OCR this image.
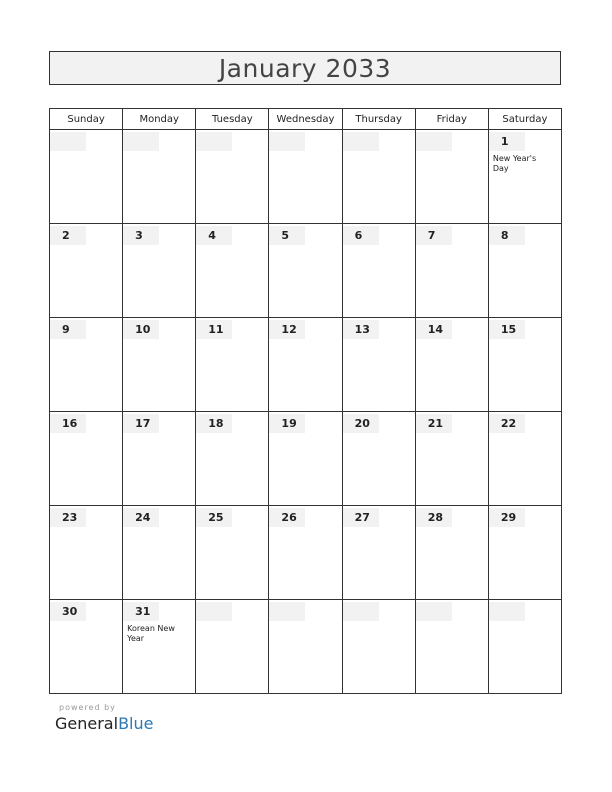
January 2033
Sunday	Monday	Tuesday	Wednesday	Thursday	Friday	Saturday

						1
New Year's Day

2	3	4	5	6	7	8

9	10	11	12	13	14	15

16	17	18	19	20	21	22

23	24	25	26	27	28	29

30	31
Korean New Year					

powered by
GeneralBlue
